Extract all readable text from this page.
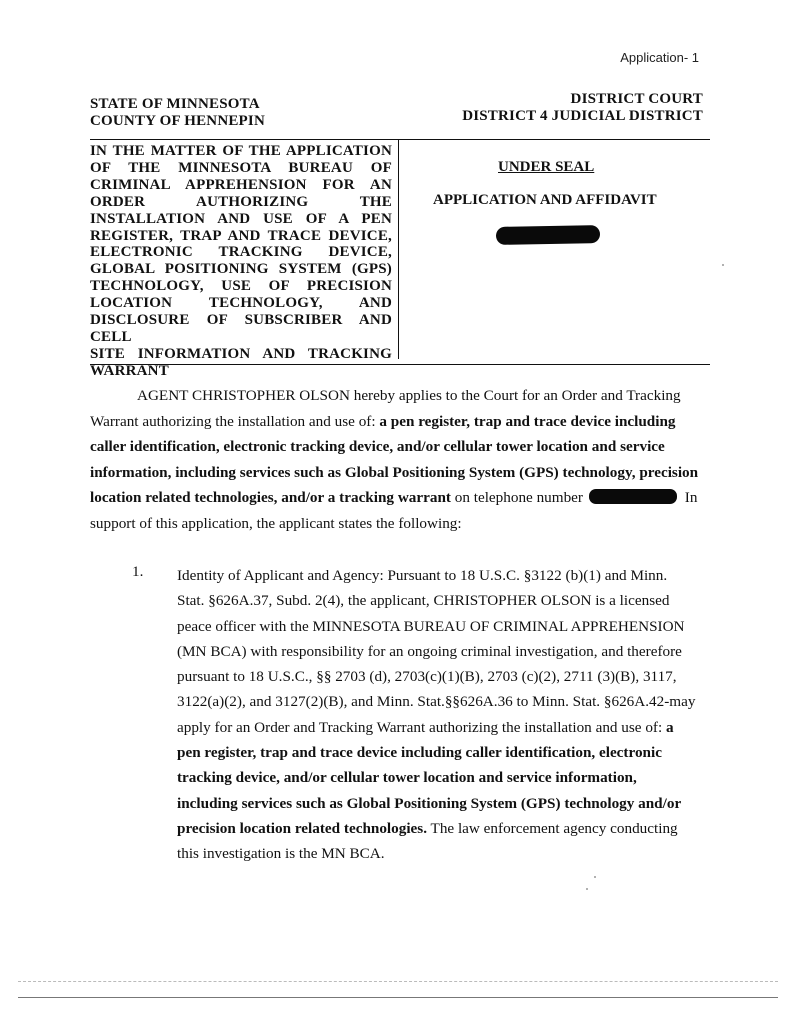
Application- 1
STATE OF MINNESOTA
COUNTY OF HENNEPIN
DISTRICT COURT
DISTRICT 4 JUDICIAL DISTRICT
IN THE MATTER OF THE APPLICATION
OF THE MINNESOTA BUREAU OF
CRIMINAL APPREHENSION FOR AN
ORDER AUTHORIZING THE
INSTALLATION AND USE OF A PEN
REGISTER, TRAP AND TRACE DEVICE,
ELECTRONIC TRACKING DEVICE,
GLOBAL POSITIONING SYSTEM (GPS)
TECHNOLOGY, USE OF PRECISION
LOCATION TECHNOLOGY, AND
DISCLOSURE OF SUBSCRIBER AND CELL
SITE INFORMATION AND TRACKING
WARRANT
UNDER SEAL
APPLICATION AND AFFIDAVIT

AGENT CHRISTOPHER OLSON hereby applies to the Court for an Order and Tracking Warrant authorizing the installation and use of: a pen register, trap and trace device including caller identification, electronic tracking device, and/or cellular tower location and service information, including services such as Global Positioning System (GPS) technology, precision location related technologies, and/or a tracking warrant on telephone number	In support of this application, the applicant states the following:

1. Identity of Applicant and Agency: Pursuant to 18 U.S.C. §3122 (b)(1) and Minn. Stat. §626A.37, Subd. 2(4), the applicant, CHRISTOPHER OLSON is a licensed peace officer with the MINNESOTA BUREAU OF CRIMINAL APPREHENSION (MN BCA) with responsibility for an ongoing criminal investigation, and therefore pursuant to 18 U.S.C., §§ 2703 (d), 2703(c)(1)(B), 2703 (c)(2), 2711 (3)(B), 3117, 3122(a)(2), and 3127(2)(B), and Minn. Stat.§§626A.36 to Minn. Stat. §626A.42-may apply for an Order and Tracking Warrant authorizing the installation and use of: a pen register, trap and trace device including caller identification, electronic tracking device, and/or cellular tower location and service information, including services such as Global Positioning System (GPS) technology and/or precision location related technologies. The law enforcement agency conducting this investigation is the MN BCA.
